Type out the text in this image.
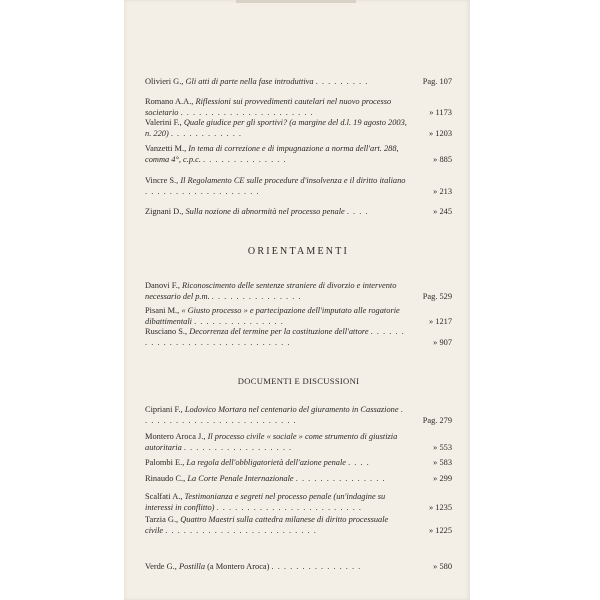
Olivieri G., Gli atti di parte nella fase introduttiva . . . . . . . . .	Pag. 107
Romano A.A., Riflessioni sui provvedimenti cautelari nel nuovo processo societario . . . . . . . . . . . . . . . . . . . . . .	» 1173
Valerini F., Quale giudice per gli sportivi? (a margine del d.l. 19 agosto 2003, n. 220) . . . . . . . . . . . .	» 1203
Vanzetti M., In tema di correzione e di impugnazione a norma dell'art. 288, comma 4°, c.p.c. . . . . . . . . . . . . . .	» 885
Vincre S., Il Regolamento CE sulle procedure d'insolvenza e il diritto italiano . . . . . . . . . . . . . . . . . . .	» 213
Zignani D., Sulla nozione di abnormità nel processo penale . . . .	» 245
ORIENTAMENTI
Danovi F., Riconoscimento delle sentenze straniere di divorzio e intervento necessario del p.m. . . . . . . . . . . . . . . .	Pag. 529
Pisani M., « Giusto processo » e partecipazione dell'imputato alle rogatorie dibattimentali . . . . . . . . . . . . . . .	» 1217
Rusciano S., Decorrenza del termine per la costituzione dell'attore . . . . . . . . . . . . . . . . . . . . . . . . . . . . . .	» 907
DOCUMENTI E DISCUSSIONI
Cipriani F., Lodovico Mortara nel centenario del giuramento in Cassazione . . . . . . . . . . . . . . . . . . . . . . . . . .	Pag. 279
Montero Aroca J., Il processo civile « sociale » come strumento di giustizia autoritaria . . . . . . . . . . . . . . . . . .	» 553
Palombi E., La regola dell'obbligatorietà dell'azione penale . . . .	» 583
Rinaudo C., La Corte Penale Internazionale . . . . . . . . . . . . . . .	» 299
Scalfati A., Testimonianza e segreti nel processo penale (un'indagine su interessi in conflitto) . . . . . . . . . . . . . . . . . . . . . . . .	» 1235
Tarzia G., Quattro Maestri sulla cattedra milanese di diritto processuale civile . . . . . . . . . . . . . . . . . . . . . . . . .	» 1225
Verde G., Postilla (a Montero Aroca) . . . . . . . . . . . . . . .	» 580
